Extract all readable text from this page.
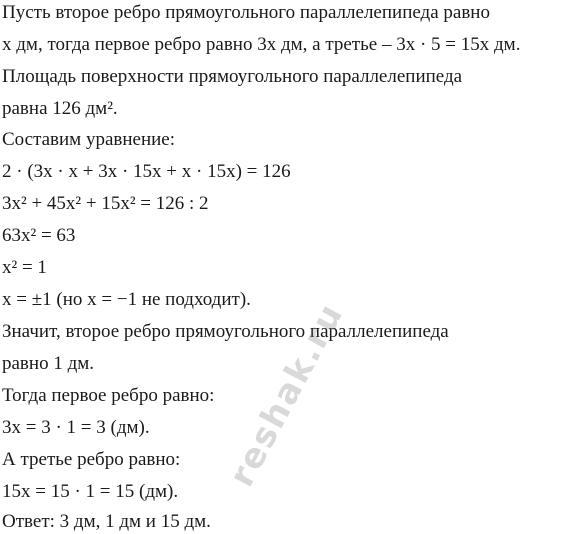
Пусть второе ребро прямоугольного параллелепипеда равно
x дм, тогда первое ребро равно 3x дм, а третье – 3x · 5 = 15x дм.
Площадь поверхности прямоугольного параллелепипеда
равна 126 дм².
Составим уравнение:
2 · (3x · x + 3x · 15x + x · 15x) = 126
3x² + 45x² + 15x² = 126 : 2
63x² = 63
x² = 1
x = ±1 (но x = −1 не подходит).
Значит, второе ребро прямоугольного параллелепипеда
равно 1 дм.
Тогда первое ребро равно:
3x = 3 · 1 = 3 (дм).
А третье ребро равно:
15x = 15 · 1 = 15 (дм).
Ответ: 3 дм, 1 дм и 15 дм.
reshak.ru
